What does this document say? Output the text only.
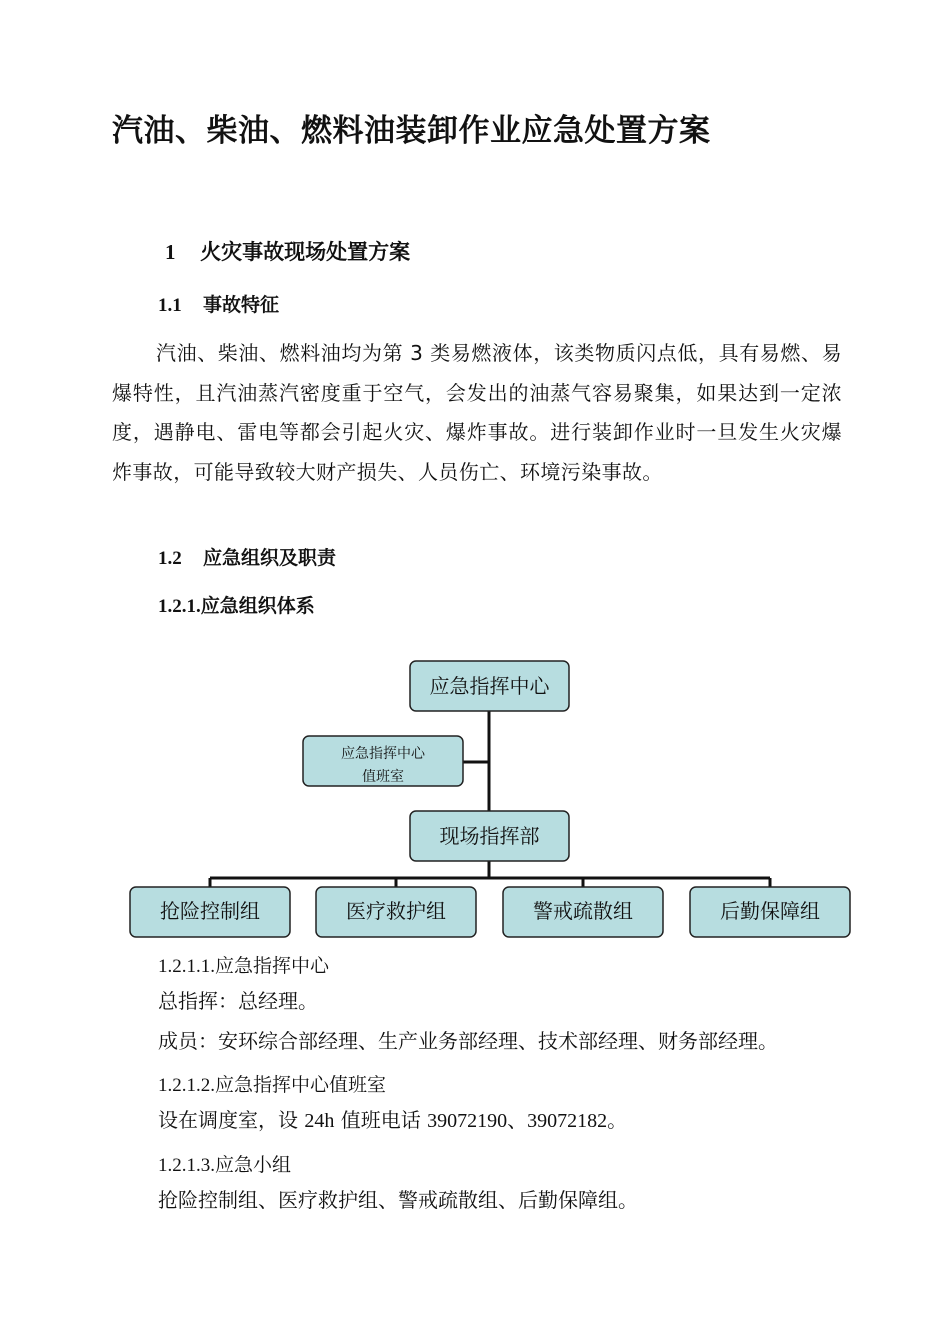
汽油、柴油、燃料油装卸作业应急处置方案
1 火灾事故现场处置方案
1.1 事故特征
汽油、柴油、燃料油均为第 3 类易燃液体，该类物质闪点低，具有易燃、易爆特性，且汽油蒸汽密度重于空气，会发出的油蒸气容易聚集，如果达到一定浓度，遇静电、雷电等都会引起火灾、爆炸事故。进行装卸作业时一旦发生火灾爆炸事故，可能导致较大财产损失、人员伤亡、环境污染事故。
1.2 应急组织及职责
1.2.1.应急组织体系
应急指挥中心
应急指挥中心
值班室
现场指挥部
抢险控制组	医疗救护组	警戒疏散组	后勤保障组
1.2.1.1.应急指挥中心
总指挥：总经理。
成员：安环综合部经理、生产业务部经理、技术部经理、财务部经理。
1.2.1.2.应急指挥中心值班室
设在调度室，设 24h 值班电话 39072190、39072182。
1.2.1.3.应急小组
抢险控制组、医疗救护组、警戒疏散组、后勤保障组。
